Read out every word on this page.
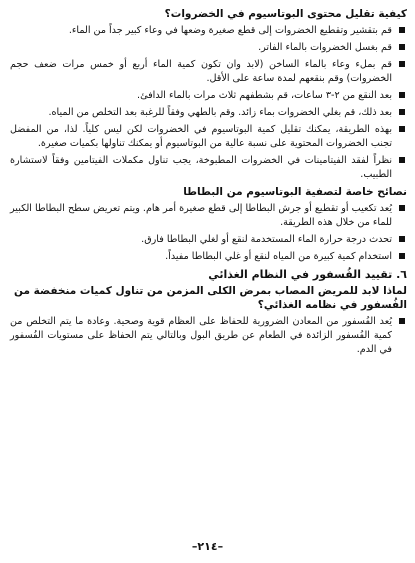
كيفية تقليل محتوى البوتاسيوم في الخضروات؟
قم بتقشير وتقطيع الخضروات إلى قطع صغيرة وضعها في وعاء كبير جداً من الماء.
قم بغسل الخضروات بالماء الفاتر.
قم بملء وعاء بالماء الساخن (لابد وان تكون كمية الماء أربع أو خمس مرات ضعف حجم الخضروات) وقم بنقعهم لمدة ساعة على الأقل.
بعد النقع من ٢-٣ ساعات، قم بشطفهم ثلاث مرات بالماء الدافئ.
بعد ذلك، قم بغلي الخضروات بماء زائد. وقم بالطهي وفقاً للرغبة بعد التخلص من المياه.
بهذه الطريقة، يمكنك تقليل كمية البوتاسيوم في الخضروات لكن ليس كلياً. لذا، من المفضل تجنب الخضروات المحتوية على نسبة عالية من البوتاسيوم أو يمكنك تناولها بكميات صغيرة.
نظراً لفقد الفيتامينات في الخضروات المطبوخة، يجب تناول مكملات الفيتامين وفقاً لاستشارة الطبيب.
نصائح خاصة لتصفية البوتاسيوم من البطاطا
يُعد تكعيب أو تقطيع أو جرش البطاطا إلى قطع صغيرة أمر هام. ويتم تعريض سطح البطاطا الكبير للماء من خلال هذه الطريقة.
تحدث درجة حرارة الماء المستخدمة لنقع أو لغلي البطاطا فارق.
استخدام كمية كبيرة من المياه لنقع أو غلي البطاطا مفيداً.
٦. تقييد الفُسفور في النظام الغذائي
لماذا لابد للمريض المصاب بمرض الكلى المزمن من تناول كميات منخفضة من الفُسفور في نظامه الغذائي؟
يُعد الفُسفور من المعادن الضرورية للحفاظ على العظام قوية وصحية. وعادة ما يتم التخلص من كمية الفُسفور الزائدة في الطعام عن طريق البول وبالتالي يتم الحفاظ على مستويات الفُسفور في الدم.
–٢١٤–
